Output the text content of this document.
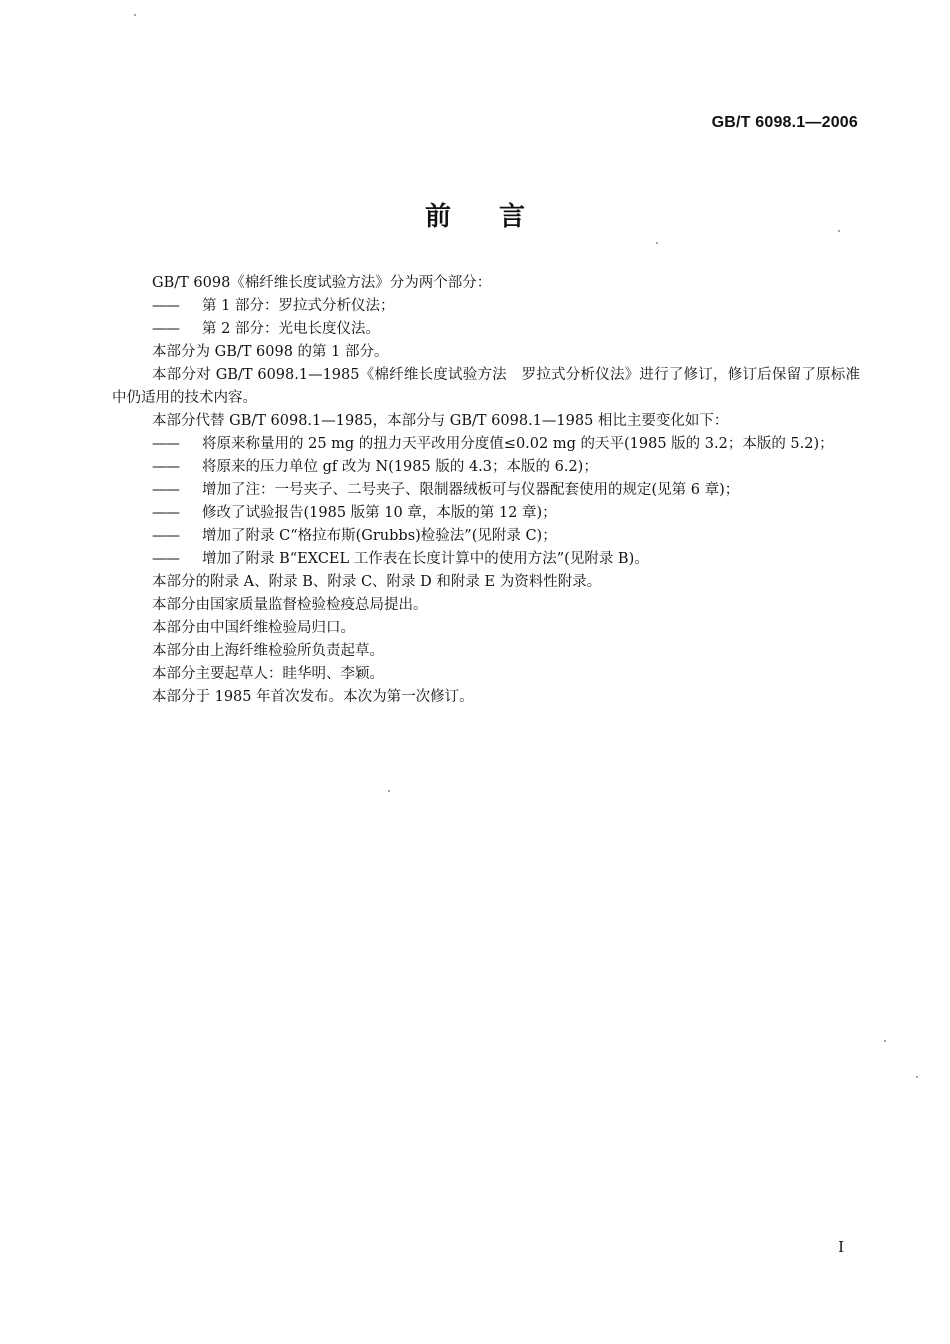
GB/T 6098.1—2006
前言

GB/T 6098《棉纤维长度试验方法》分为两个部分：

—— 第 1 部分：罗拉式分析仪法；

—— 第 2 部分：光电长度仪法。

本部分为 GB/T 6098 的第 1 部分。

本部分对 GB/T 6098.1—1985《棉纤维长度试验方法　罗拉式分析仪法》进行了修订，修订后保留了原标准中仍适用的技术内容。

本部分代替 GB/T 6098.1—1985，本部分与 GB/T 6098.1—1985 相比主要变化如下：

—— 将原来称量用的 25 mg 的扭力天平改用分度值≤0.02 mg 的天平(1985 版的 3.2；本版的 5.2)；

—— 将原来的压力单位 gf 改为 N(1985 版的 4.3；本版的 6.2)；

—— 增加了注：一号夹子、二号夹子、限制器绒板可与仪器配套使用的规定(见第 6 章)；

—— 修改了试验报告(1985 版第 10 章，本版的第 12 章)；

—— 增加了附录 C“格拉布斯(Grubbs)检验法”(见附录 C)；

—— 增加了附录 B“EXCEL 工作表在长度计算中的使用方法”(见附录 B)。

本部分的附录 A、附录 B、附录 C、附录 D 和附录 E 为资料性附录。

本部分由国家质量监督检验检疫总局提出。

本部分由中国纤维检验局归口。

本部分由上海纤维检验所负责起草。

本部分主要起草人：眭华明、李颖。

本部分于 1985 年首次发布。本次为第一次修订。

I
